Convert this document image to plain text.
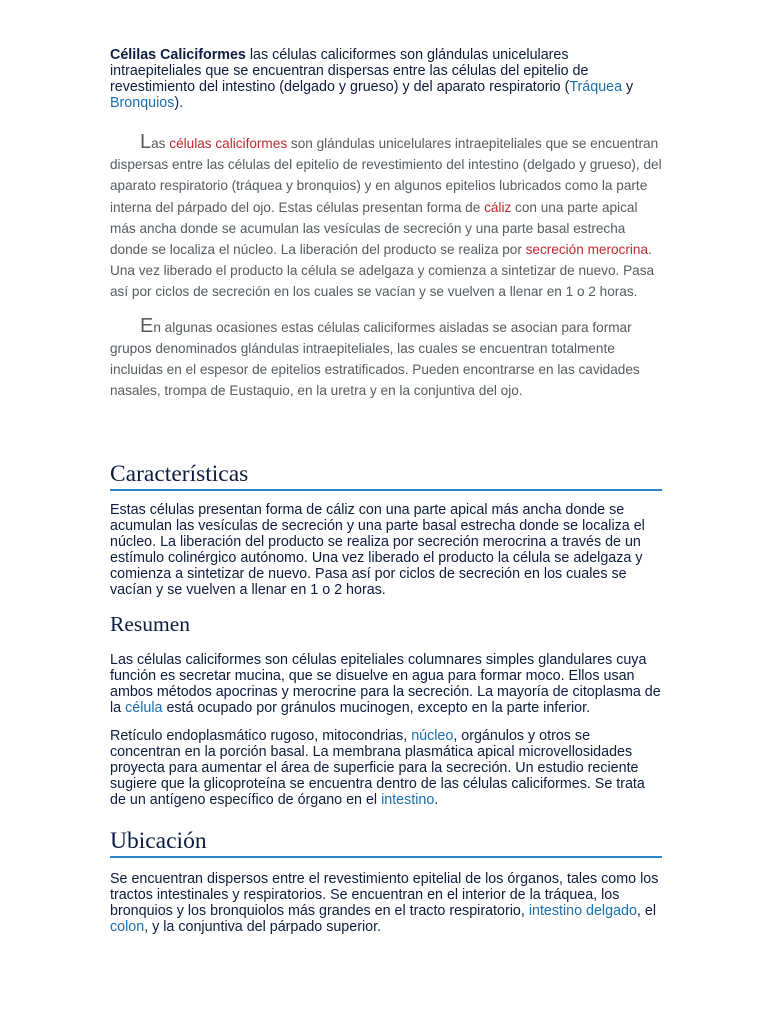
Célilas Caliciformes las células caliciformes son glándulas unicelulares intraepiteliales que se encuentran dispersas entre las células del epitelio de revestimiento del intestino (delgado y grueso) y del aparato respiratorio (Tráquea y Bronquios).

Las células caliciformes son glándulas unicelulares intraepiteliales que se encuentran dispersas entre las células del epitelio de revestimiento del intestino (delgado y grueso), del aparato respiratorio (tráquea y bronquios) y en algunos epitelios lubricados como la parte interna del párpado del ojo. Estas células presentan forma de cáliz con una parte apical más ancha donde se acumulan las vesículas de secreción y una parte basal estrecha donde se localiza el núcleo. La liberación del producto se realiza por secreción merocrina. Una vez liberado el producto la célula se adelgaza y comienza a sintetizar de nuevo. Pasa así por ciclos de secreción en los cuales se vacían y se vuelven a llenar en 1 o 2 horas.

En algunas ocasiones estas células caliciformes aisladas se asocian para formar grupos denominados glándulas intraepiteliales, las cuales se encuentran totalmente incluidas en el espesor de epitelios estratificados. Pueden encontrarse en las cavidades nasales, trompa de Eustaquio, en la uretra y en la conjuntiva del ojo.

Características

Estas células presentan forma de cáliz con una parte apical más ancha donde se acumulan las vesículas de secreción y una parte basal estrecha donde se localiza el núcleo. La liberación del producto se realiza por secreción merocrina a través de un estímulo colinérgico autónomo. Una vez liberado el producto la célula se adelgaza y comienza a sintetizar de nuevo. Pasa así por ciclos de secreción en los cuales se vacían y se vuelven a llenar en 1 o 2 horas.

Resumen

Las células caliciformes son células epiteliales columnares simples glandulares cuya función es secretar mucina, que se disuelve en agua para formar moco. Ellos usan ambos métodos apocrinas y merocrine para la secreción. La mayoría de citoplasma de la célula está ocupado por gránulos mucinogen, excepto en la parte inferior.

Retículo endoplasmático rugoso, mitocondrias, núcleo, orgánulos y otros se concentran en la porción basal. La membrana plasmática apical microvellosidades proyecta para aumentar el área de superficie para la secreción. Un estudio reciente sugiere que la glicoproteína se encuentra dentro de las células caliciformes. Se trata de un antígeno específico de órgano en el intestino.

Ubicación

Se encuentran dispersos entre el revestimiento epitelial de los órganos, tales como los tractos intestinales y respiratorios. Se encuentran en el interior de la tráquea, los bronquios y los bronquiolos más grandes en el tracto respiratorio, intestino delgado, el colon, y la conjuntiva del párpado superior.
